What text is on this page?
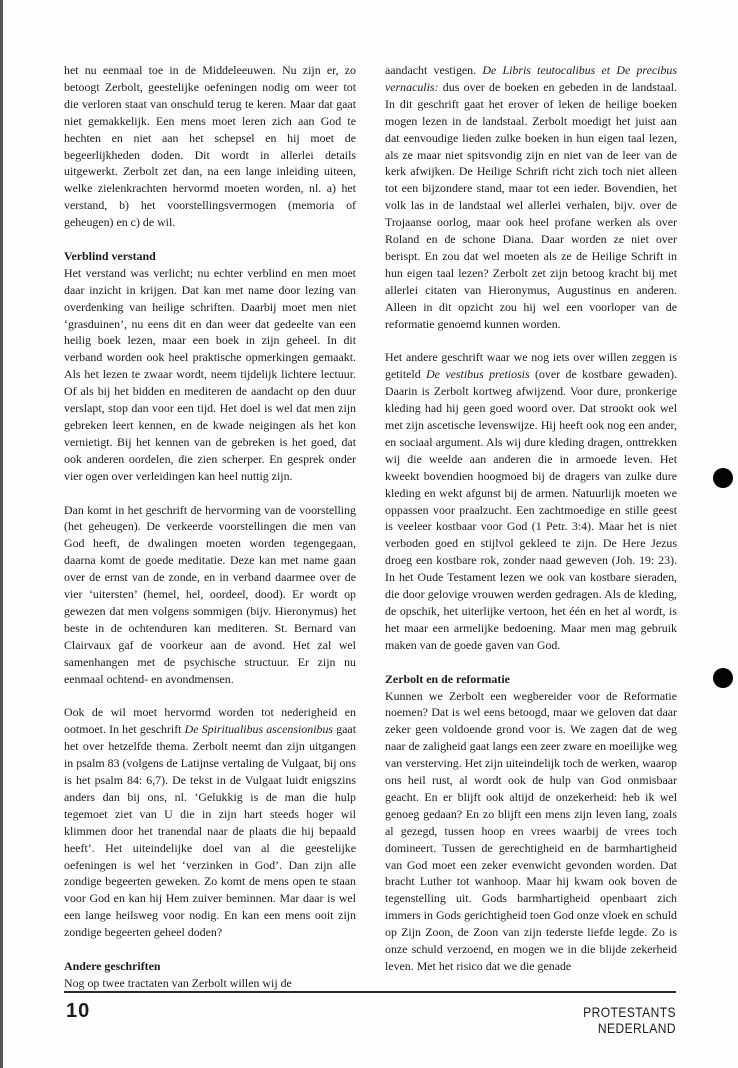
het nu eenmaal toe in de Middeleeuwen. Nu zijn er, zo betoogt Zerbolt, geestelijke oefeningen nodig om weer tot die verloren staat van onschuld terug te keren. Maar dat gaat niet gemakkelijk. Een mens moet leren zich aan God te hechten en niet aan het schepsel en hij moet de begeerlijkheden doden. Dit wordt in allerlei details uitgewerkt. Zerbolt zet dan, na een lange inleiding uiteen, welke zielenkrachten hervormd moeten worden, nl. a) het verstand, b) het voorstellingsvermogen (memoria of geheugen) en c) de wil.

Verblind verstand

Het verstand was verlicht; nu echter verblind en men moet daar inzicht in krijgen. Dat kan met name door lezing van overdenking van heilige schriften. Daarbij moet men niet ‘grasduinen’, nu eens dit en dan weer dat gedeelte van een heilig boek lezen, maar een boek in zijn geheel. In dit verband worden ook heel praktische opmerkingen gemaakt. Als het lezen te zwaar wordt, neem tijdelijk lichtere lectuur. Of als bij het bidden en mediteren de aandacht op den duur verslapt, stop dan voor een tijd. Het doel is wel dat men zijn gebreken leert kennen, en de kwade neigingen als het kon vernietigt. Bij het kennen van de gebreken is het goed, dat ook anderen oordelen, die zien scherper. En gesprek onder vier ogen over verleidingen kan heel nuttig zijn.

Dan komt in het geschrift de hervorming van de voorstelling (het geheugen). De verkeerde voorstellingen die men van God heeft, de dwalingen moeten worden tegengegaan, daarna komt de goede meditatie. Deze kan met name gaan over de ernst van de zonde, en in verband daarmee over de vier ‘uitersten’ (hemel, hel, oordeel, dood). Er wordt op gewezen dat men volgens sommigen (bijv. Hieronymus) het beste in de ochtenduren kan mediteren. St. Bernard van Clairvaux gaf de voorkeur aan de avond. Het zal wel samenhangen met de psychische structuur. Er zijn nu eenmaal ochtend- en avondmensen.

Ook de wil moet hervormd worden tot nederigheid en ootmoet. In het geschrift De Spiritualibus ascensionibus gaat het over hetzelfde thema. Zerbolt neemt dan zijn uitgangen in psalm 83 (volgens de Latijnse vertaling de Vulgaat, bij ons is het psalm 84: 6,7). De tekst in de Vulgaat luidt enigszins anders dan bij ons, nl. ‘Gelukkig is de man die hulp tegemoet ziet van U die in zijn hart steeds hoger wil klimmen door het tranendal naar de plaats die hij bepaald heeft’. Het uiteindelijke doel van al die geestelijke oefeningen is wel het ‘verzinken in God’. Dan zijn alle zondige begeerten geweken. Zo komt de mens open te staan voor God en kan hij Hem zuiver beminnen. Mar daar is wel een lange heilsweg voor nodig. En kan een mens ooit zijn zondige begeerten geheel doden?

Andere geschriften

Nog op twee tractaten van Zerbolt willen wij de

aandacht vestigen. De Libris teutocalibus et De precibus vernaculis: dus over de boeken en gebeden in de landstaal. In dit geschrift gaat het erover of leken de heilige boeken mogen lezen in de landstaal. Zerbolt moedigt het juist aan dat eenvoudige lieden zulke boeken in hun eigen taal lezen, als ze maar niet spitsvondig zijn en niet van de leer van de kerk afwijken. De Heilige Schrift richt zich toch niet alleen tot een bijzondere stand, maar tot een ieder. Bovendien, het volk las in de landstaal wel allerlei verhalen, bijv. over de Trojaanse oorlog, maar ook heel profane werken als over Roland en de schone Diana. Daar worden ze niet over berispt. En zou dat wel moeten als ze de Heilige Schrift in hun eigen taal lezen? Zerbolt zet zijn betoog kracht bij met allerlei citaten van Hieronymus, Augustinus en anderen. Alleen in dit opzicht zou hij wel een voorloper van de reformatie genoemd kunnen worden.

Het andere geschrift waar we nog iets over willen zeggen is getiteld De vestibus pretiosis (over de kostbare gewaden). Daarin is Zerbolt kortweg afwijzend. Voor dure, pronkerige kleding had hij geen goed woord over. Dat strookt ook wel met zijn ascetische levenswijze. Hij heeft ook nog een ander, en sociaal argument. Als wij dure kleding dragen, onttrekken wij die weelde aan anderen die in armoede leven. Het kweekt bovendien hoogmoed bij de dragers van zulke dure kleding en wekt afgunst bij de armen. Natuurlijk moeten we oppassen voor praalzucht. Een zachtmoedige en stille geest is veeleer kostbaar voor God (1 Petr. 3:4). Maar het is niet verboden goed en stijlvol gekleed te zijn. De Here Jezus droeg een kostbare rok, zonder naad geweven (Joh. 19: 23). In het Oude Testament lezen we ook van kostbare sieraden, die door gelovige vrouwen werden gedragen. Als de kleding, de opschik, het uiterlijke vertoon, het één en het al wordt, is het maar een armelijke bedoening. Maar men mag gebruik maken van de goede gaven van God.

Zerbolt en de reformatie

Kunnen we Zerbolt een wegbereider voor de Reformatie noemen? Dat is wel eens betoogd, maar we geloven dat daar zeker geen voldoende grond voor is. We zagen dat de weg naar de zaligheid gaat langs een zeer zware en moeilijke weg van versterving. Het zijn uiteindelijk toch de werken, waarop ons heil rust, al wordt ook de hulp van God onmisbaar geacht. En er blijft ook altijd de onzekerheid: heb ik wel genoeg gedaan? En zo blijft een mens zijn leven lang, zoals al gezegd, tussen hoop en vrees waarbij de vrees toch domineert. Tussen de gerechtigheid en de barmhartigheid van God moet een zeker evenwicht gevonden worden. Dat bracht Luther tot wanhoop. Maar hij kwam ook boven de tegenstelling uit. Gods barmhartigheid openbaart zich immers in Gods gerichtigheid toen God onze vloek en schuld op Zijn Zoon, de Zoon van zijn tederste liefde legde. Zo is onze schuld verzoend, en mogen we in die blijde zekerheid leven. Met het risico dat we die genade

10	PROTESTANTS NEDERLAND
